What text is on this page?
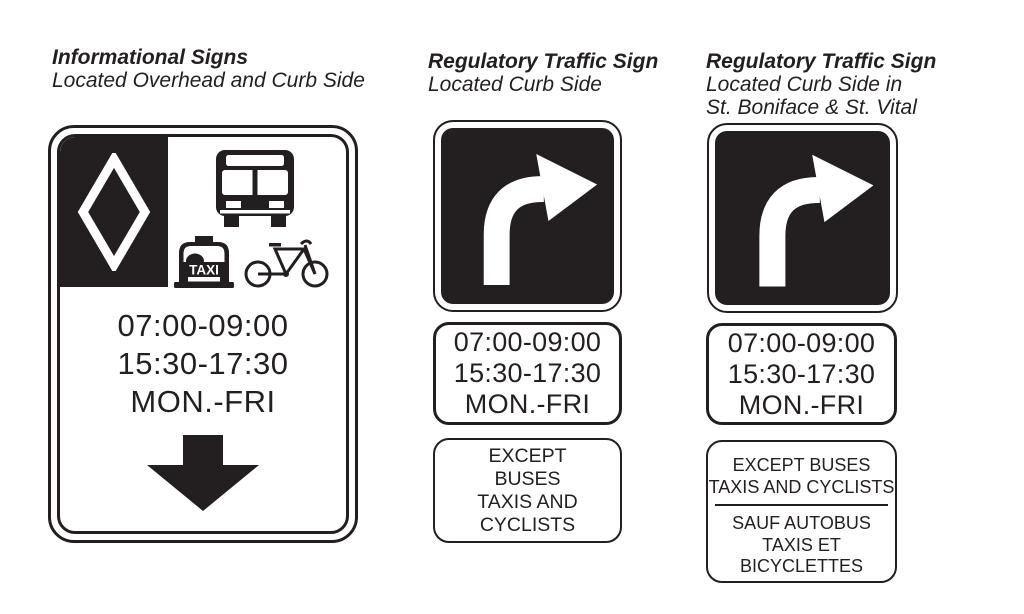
Informational Signs
Located Overhead and Curb Side
Regulatory Traffic Sign
Located Curb Side
Regulatory Traffic Sign
Located Curb Side in
St. Boniface & St. Vital
TAXI
07:00-09:00
15:30-17:30
MON.-FRI
07:00-09:00
15:30-17:30
MON.-FRI
EXCEPT
BUSES
TAXIS AND
CYCLISTS
07:00-09:00
15:30-17:30
MON.-FRI
EXCEPT BUSES
TAXIS AND CYCLISTS
SAUF AUTOBUS
TAXIS ET
BICYCLETTES
